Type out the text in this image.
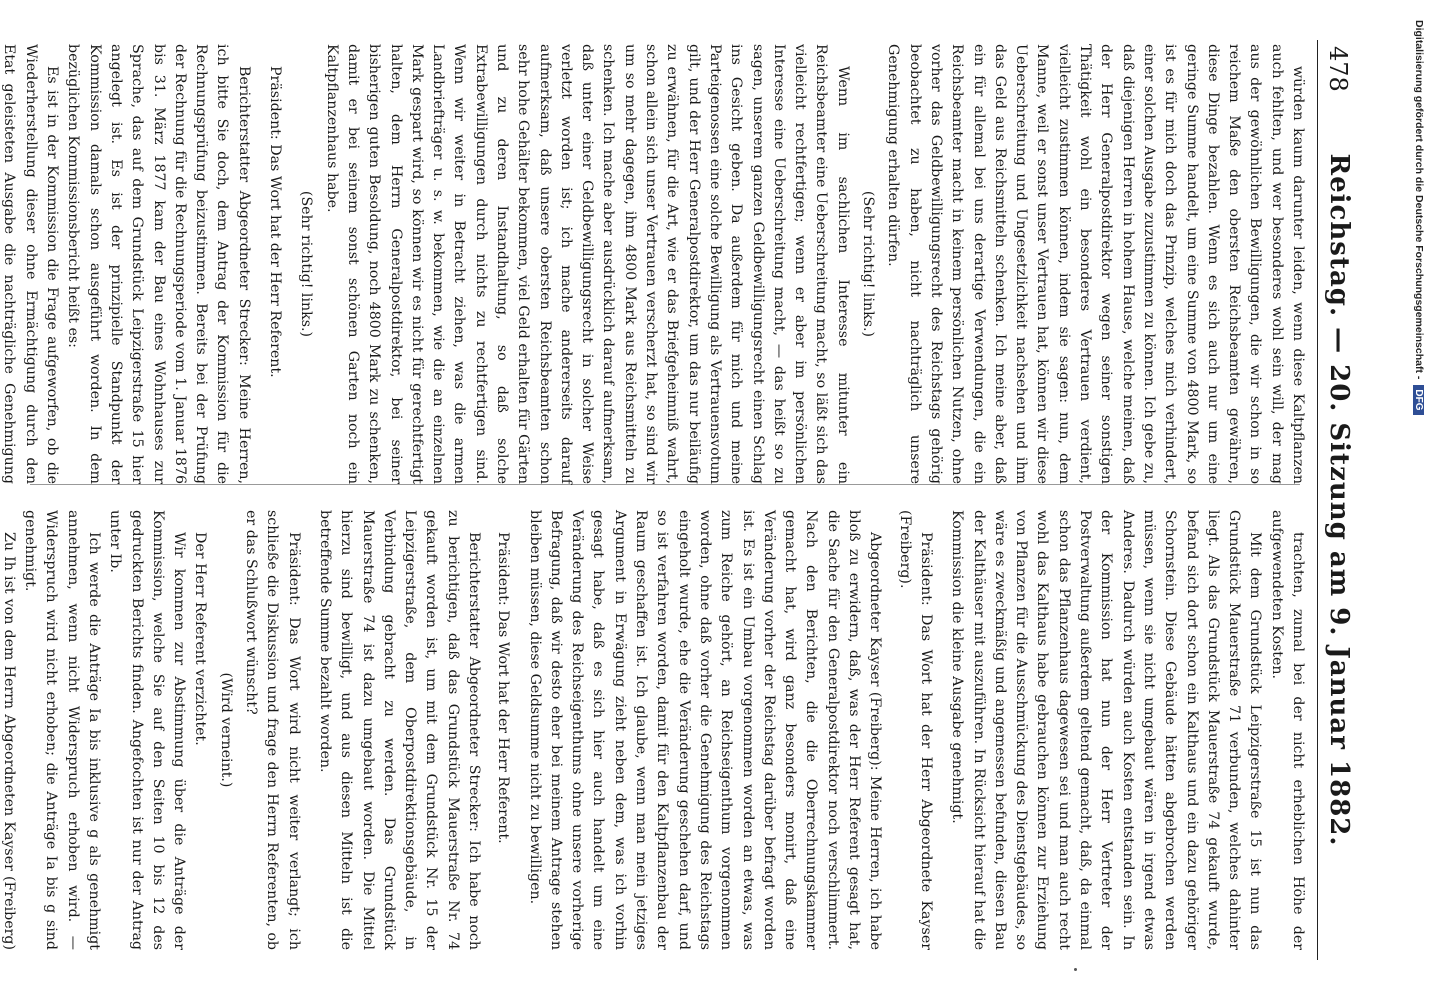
478
Reichstag. — 20. Sitzung am 9. Januar 1882.

würden kaum darunter leiden, wenn diese Kaltpflanzen auch fehlten, und wer besonderes wohl sein will, der mag aus der gewöhnlichen Bewilligungen, die wir schon in so reichem Maße den obersten Reichsbeamten gewähren, diese Dinge bezahlen. Wenn es sich auch nur um eine geringe Summe handelt, um eine Summe von 4800 Mark, so ist es für mich doch das Prinzip, welches mich verhindert, einer solchen Ausgabe zuzustimmen zu können. Ich gebe zu, daß diejenigen Herren in hohem Hause, welche meinen, daß der Herr Generalpostdirektor wegen seiner sonstigen Thätigkeit wohl ein besonderes Vertrauen verdient, vielleicht zustimmen können, indem sie sagen: nun, dem Manne, weil er sonst unser Vertrauen hat, können wir diese Ueberschreitung und Ungesetzlichkeit nachsehen und ihm das Geld aus Reichsmitteln schenken. Ich meine aber, daß ein für allemal bei uns derartige Verwendungen, die ein Reichsbeamter macht in keinem persönlichen Nutzen, ohne vorher das Geldbewilligungsrecht des Reichstags gehörig beobachtet zu haben, nicht nachträglich unsere Genehmigung erhalten dürfen.

(Sehr richtig! links.)

Wenn im sachlichen Interesse mitunter ein Reichsbeamter eine Ueberschreitung macht, so läßt sich das vielleicht rechtfertigen; wenn er aber im persönlichen Interesse eine Ueberschreitung macht, — das heißt so zu sagen, unserem ganzen Geldbewilligungsrecht einen Schlag ins Gesicht geben. Da außerdem für mich und meine Parteigenossen eine solche Bewilligung als Vertrauensvotum gilt, und der Herr Generalpostdirektor, um das nur beiläufig zu erwähnen, für die Art, wie er das Briefgeheimniß wahrt, schon allein sich unser Vertrauen verscherzt hat, so sind wir um so mehr dagegen, ihm 4800 Mark aus Reichsmitteln zu schenken. Ich mache aber ausdrücklich darauf aufmerksam, daß unter einer Geldbewilligungsrecht in solcher Weise verletzt worden ist; ich mache andererseits darauf aufmerksam, daß unsere obersten Reichsbeamten schon sehr hohe Gehälter bekommen, viel Geld erhalten für Gärten und zu deren Instandhaltung, so daß solche Extrabewilligungen durch nichts zu rechtfertigen sind. Wenn wir weiter in Betracht ziehen, was die armen Landbriefträger u. s. w. bekommen, wie die an einzelnen Mark gespart wird, so können wir es nicht für gerechtfertigt halten, dem Herrn Generalpostdirektor, bei seiner bisherigen guten Besoldung, noch 4800 Mark zu schenken, damit er bei seinem sonst schönen Garten noch ein Kaltpflanzenhaus habe.

(Sehr richtig! links.)

Präsident: Das Wort hat der Herr Referent.

Berichterstatter Abgeordneter Strecker: Meine Herren, ich bitte Sie doch, dem Antrag der Kommission für die Rechnungsprüfung beizustimmen. Bereits bei der Prüfung der Rechnung für die Rechnungsperiode vom 1. Januar 1876 bis 31. März 1877 kam der Bau eines Wohnhauses zur Sprache, das auf dem Grundstück Leipzigerstraße 15 hier angelegt ist. Es ist der prinzipielle Standpunkt der Kommission damals schon ausgeführt worden. In dem bezüglichen Kommissionsbericht heißt es:

Es ist in der Kommission die Frage aufgeworfen, ob die Wiederherstellung dieser ohne Ermächtigung durch den Etat geleisteten Ausgabe die nachträgliche Genehmigung

trachten, zumal bei der nicht erheblichen Höhe der aufgewendeten Kosten.

Mit dem Grundstück Leipzigerstraße 15 ist nun das Grundstück Mauerstraße 71 verbunden, welches dahinter liegt. Als das Grundstück Mauerstraße 74 gekauft wurde, befand sich dort schon ein Kalthaus und ein dazu gehöriger Schornstein. Diese Gebäude hätten abgebrochen werden müssen, wenn sie nicht umgebaut wären in irgend etwas Anderes. Dadurch würden auch Kosten entstanden sein. In der Kommission hat nun der Herr Vertreter der Postverwaltung außerdem geltend gemacht, daß, da einmal schon das Pflanzenhaus dagewesen sei und man auch recht wohl das Kalthaus habe gebrauchen können zur Erziehung von Pflanzen für die Ausschmückung des Dienstgebäudes, so wäre es zweckmäßig und angemessen befunden, diesen Bau der Kalthäuser mit auszuführen. In Rücksicht hierauf hat die Kommission die kleine Ausgabe genehmigt.

Präsident: Das Wort hat der Herr Abgeordnete Kayser (Freiberg).

Abgeordneter Kayser (Freiberg): Meine Herren, ich habe bloß zu erwidern, daß, was der Herr Referent gesagt hat, die Sache für den Generalpostdirektor noch verschlimmert. Nach den Berichten, die die Oberrechnungskammer gemacht hat, wird ganz besonders monirt, daß eine Veränderung vorher der Reichstag darüber befragt worden ist. Es ist ein Umbau vorgenommen worden an etwas, was zum Reiche gehört, an Reichseigenthum vorgenommen worden, ohne daß vorher die Genehmigung des Reichstags eingeholt wurde, ehe die Veränderung geschehen darf, und so ist verfahren worden, damit für den Kaltpflanzenbau der Raum geschaffen ist. Ich glaube, wenn man mein jetziges Argument in Erwägung zieht neben dem, was ich vorhin gesagt habe, daß es sich hier auch handelt um eine Veränderung des Reichseigenthums ohne unsere vorherige Befragung, daß wir desto eher bei meinem Antrage stehen bleiben müssen, diese Geldsumme nicht zu bewilligen.

Präsident: Das Wort hat der Herr Referent.

Berichterstatter Abgeordneter Strecker: Ich habe noch zu berichtigen, daß das Grundstück Mauerstraße Nr. 74 gekauft worden ist, um mit dem Grundstück Nr. 15 der Leipzigerstraße, dem Oberpostdirektionsgebäude, in Verbindung gebracht zu werden. Das Grundstück Mauerstraße 74 ist dazu umgebaut worden. Die Mittel hierzu sind bewilligt, und aus diesen Mitteln ist die betreffende Summe bezahlt worden.

Präsident: Das Wort wird nicht weiter verlangt; ich schließe die Diskussion und frage den Herrn Referenten, ob er das Schlußwort wünscht?

(Wird verneint.)

Der Herr Referent verzichtet.

Wir kommen zur Abstimmung über die Anträge der Kommission, welche Sie auf den Seiten 10 bis 12 des gedruckten Berichts finden. Angefochten ist nur der Antrag unter Ib.

Ich werde die Anträge Ia bis inklusive g als genehmigt annehmen, wenn nicht Widerspruch erhoben wird. — Widerspruch wird nicht erhoben; die Anträge Ia bis g sind genehmigt.

Zu Ih ist von dem Herrn Abgeordneten Kayser (Freiberg)

Digitalisierung gefördert durch die Deutsche Forschungsgemeinschaft -DFG
